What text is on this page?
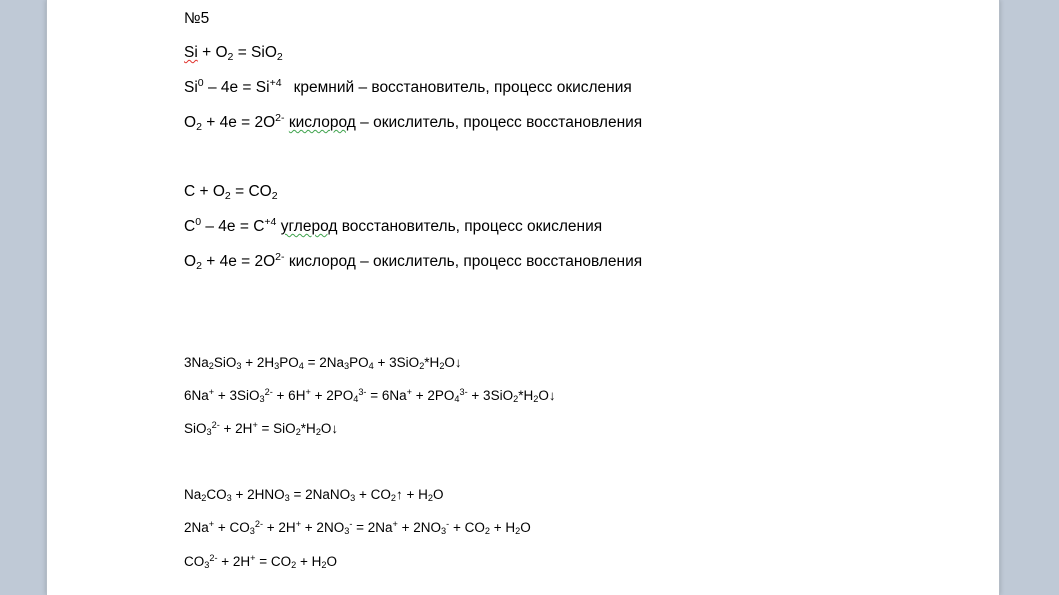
№5
$Si + O_2 = SiO_2$
$Si^0 - 4e = Si^{+4}$ кремний – восстановитель, процесс окисления
$O_2 + 4e = 2O^{2-}$ кислород – окислитель, процесс восстановления
$C + O_2 = CO_2$
$C^0 - 4e = C^{+4}$ углерод восстановитель, процесс окисления
$O_2 + 4e = 2O^{2-}$ кислород – окислитель, процесс восстановления
$3Na_2SiO_3 + 2H_3PO_4 = 2Na_3PO_4$ + $3SiO_2*H_2O↓$
$6Na^+ + 3SiO_3^{2-} + 6H^+ + 2PO_4^{3-} = 6Na^+ + 2PO_4^{3-}$ + $3SiO_2*H_2O↓$
$SiO_3^{2-} + 2H^+ = SiO_2*H_2O↓$
$Na_2CO_3 + 2HNO_3$ = 2NaNO$_3$ + $CO_2↑ + H_2O$
$2Na^+ + CO_3^{2-} + 2H^+ + 2NO_3^- = 2Na^+ + 2NO_3^- + CO_2 + H_2O$
$CO_3^{2-} + 2H^+ = CO_2 + H_2O$
